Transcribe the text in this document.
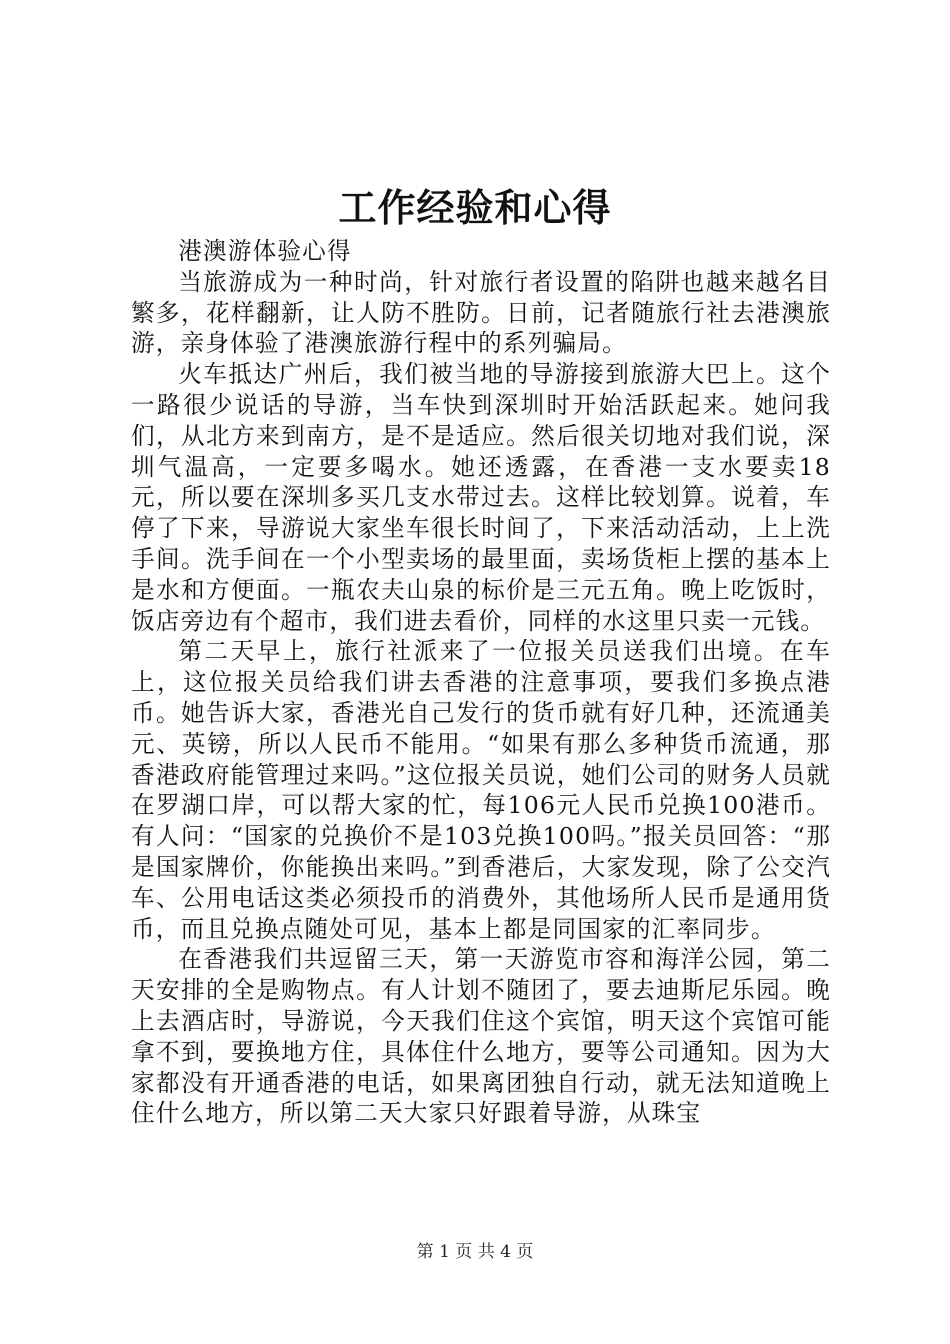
工作经验和心得

港澳游体验心得

当旅游成为一种时尚，针对旅行者设置的陷阱也越来越名目繁多，花样翻新，让人防不胜防。日前，记者随旅行社去港澳旅游，亲身体验了港澳旅游行程中的系列骗局。

火车抵达广州后，我们被当地的导游接到旅游大巴上。这个一路很少说话的导游，当车快到深圳时开始活跃起来。她问我们，从北方来到南方，是不是适应。然后很关切地对我们说，深圳气温高，一定要多喝水。她还透露，在香港一支水要卖18元，所以要在深圳多买几支水带过去。这样比较划算。说着，车停了下来，导游说大家坐车很长时间了，下来活动活动，上上洗手间。洗手间在一个小型卖场的最里面，卖场货柜上摆的基本上是水和方便面。一瓶农夫山泉的标价是三元五角。晚上吃饭时，饭店旁边有个超市，我们进去看价，同样的水这里只卖一元钱。

第二天早上，旅行社派来了一位报关员送我们出境。在车上，这位报关员给我们讲去香港的注意事项，要我们多换点港币。她告诉大家，香港光自己发行的货币就有好几种，还流通美元、英镑，所以人民币不能用。“如果有那么多种货币流通，那香港政府能管理过来吗。”这位报关员说，她们公司的财务人员就在罗湖口岸，可以帮大家的忙，每106元人民币兑换100港币。有人问：“国家的兑换价不是103兑换100吗。”报关员回答：“那是国家牌价，你能换出来吗。”到香港后，大家发现，除了公交汽车、公用电话这类必须投币的消费外，其他场所人民币是通用货币，而且兑换点随处可见，基本上都是同国家的汇率同步。

在香港我们共逗留三天，第一天游览市容和海洋公园，第二天安排的全是购物点。有人计划不随团了，要去迪斯尼乐园。晚上去酒店时，导游说，今天我们住这个宾馆，明天这个宾馆可能拿不到，要换地方住，具体住什么地方，要等公司通知。因为大家都没有开通香港的电话，如果离团独自行动，就无法知道晚上住什么地方，所以第二天大家只好跟着导游，从珠宝

第 1 页 共 4 页
